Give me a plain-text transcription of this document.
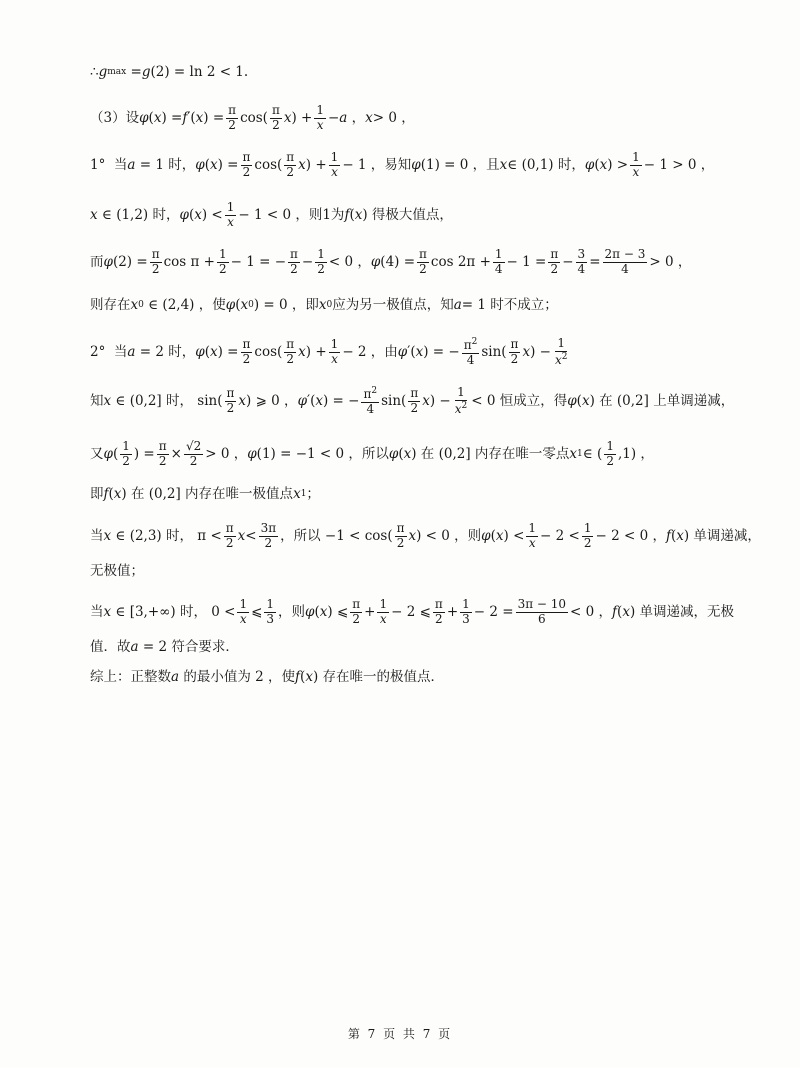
∴ g max = g (2) = ln 2 < 1.
（3）设 φ ( x ) = f ′( x ) = $\frac{\pi}{2} \cos( \frac{\pi}{2}$ x ) + $\frac{1}{x} - a$ ， x > 0 ，
1°  当 a = 1 时， φ ( x ) = $\frac{\pi}{2} \cos( \frac{\pi}{2}$ x ) + $\frac{1}{x} - 1$ ，易知 φ (1) = 0 ，且 x ∈ (0,1) 时， φ ( x ) > $\frac{1}{x} - 1 > 0$ ，
x ∈ (1,2) 时， φ ( x ) < $\frac{1}{x} - 1 < 0$ ，则1为 f ( x ) 得极大值点，
而 φ $(2) = \frac{\pi}{2}$ $\cos \pi + \frac{1}{2} - 1$ = − $\frac{\pi}{2} - \frac{1}{2} < 0$ ， φ $(4) = \frac{\pi}{2}$ $\cos 2\pi + \frac{1}{4} - 1 = \frac{\pi}{2} - \frac{3}{4} = \frac{2\pi - 3}{4} > 0$ ，
则存在 x 0 ∈ (2,4) ，使 φ ( x 0 ) = 0 ，即 x 0 应为另一极值点，知 a = 1 时不成立；
2°  当 a = 2 时， φ ( x ) = $\frac{\pi}{2} \cos( \frac{\pi}{2}$ x ) + $\frac{1}{x} - 2$ ，由 φ ′( x ) = − $\frac{\pi^2}{4} \sin( \frac{\pi}{2}$ x ) − $\frac{1}{x^2}$
知 x ∈ (0,2] 时， $\sin( \frac{\pi}{2}$ x ) ⩾ 0 ， φ ′( x ) = − $\frac{\pi^2}{4} \sin( \frac{\pi}{2}$ x ) − $\frac{1}{x^2} < 0$ 恒成立，得 φ ( x ) 在 (0,2] 上单调递减，
又 φ ( $\frac{1}{2}$ ) = $\frac{\pi}{2} \times \frac{√2}{2} > 0$ ， φ (1) = −1 < 0 ，所以 φ ( x ) 在 (0,2] 内存在唯一零点 x 1 ∈ ( $\frac{1}{2} ,1$) ，
即 f ( x ) 在 (0,2] 内存在唯一极值点 x 1 ；
当 x ∈ (2,3) 时， $\pi < \frac{\pi}{2}$ $x < \frac{3\pi}{2}$ ，所以 $-1 < \cos( \frac{\pi}{2}$ x ) < 0 ，则 φ ( x ) < $\frac{1}{x} - 2 < \frac{1}{2} - 2 < 0$ ， f ( x ) 单调递减，
无极值；
当 x ∈ [3,+∞) 时， $0 < \frac{1}{x}$ ⩽ $\frac{1}{3}$ ，则 φ ( x ) ⩽ $\frac{\pi}{2} + \frac{1}{x} - 2$ ⩽ $\frac{\pi}{2} + \frac{1}{3} - 2 = \frac{3\pi - 10}{6} < 0$ ， f ( x ) 单调递减，无极
值．故 a = 2 符合要求．
综上：正整数 a 的最小值为 2 ，使 f ( x ) 存在唯一的极值点．
第 7 页 共 7 页
